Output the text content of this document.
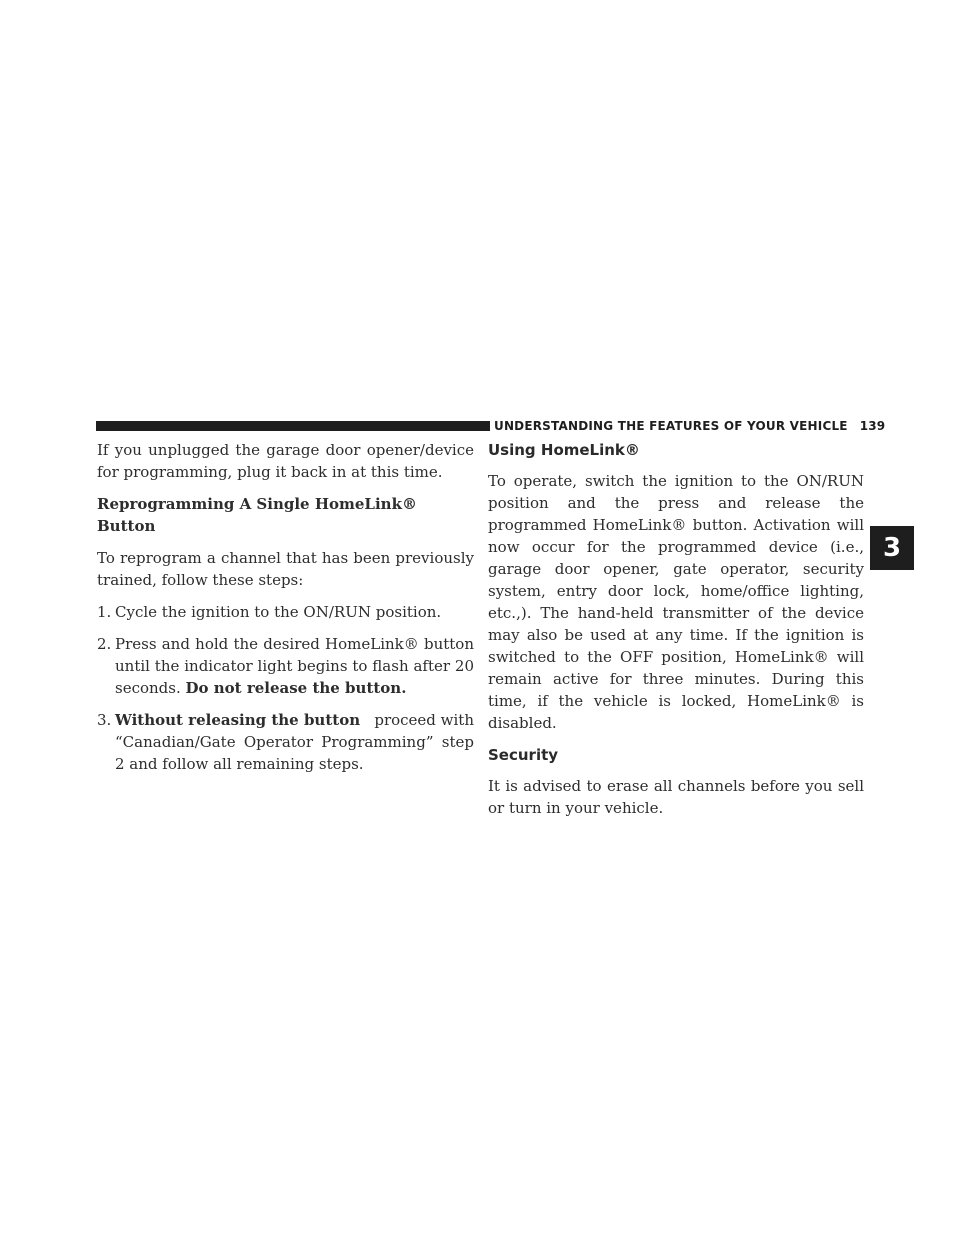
UNDERSTANDING THE FEATURES OF YOUR VEHICLE 139

If you unplugged the garage door opener/device for programming, plug it back in at this time.

Reprogramming A Single HomeLink® Button

To reprogram a channel that has been previously trained, follow these steps:

1. Cycle the ignition to the ON/RUN position.
2. Press and hold the desired HomeLink® button until the indicator light begins to flash after 20 seconds. Do not release the button.
3. Without releasing the button proceed with
“Canadian/Gate Operator Programming” step 2 and follow all remaining steps.
Using HomeLink®

To operate, switch the ignition to the ON/RUN position and the press and release the programmed HomeLink® button. Activation will now occur for the programmed device (i.e., garage door opener, gate operator, security system, entry door lock, home/office lighting, etc.,). The hand-held transmitter of the device may also be used at any time. If the ignition is switched to the OFF position, HomeLink® will remain active for three minutes. During this time, if the vehicle is locked, HomeLink® is disabled.

Security

It is advised to erase all channels before you sell or turn in your vehicle.

3
